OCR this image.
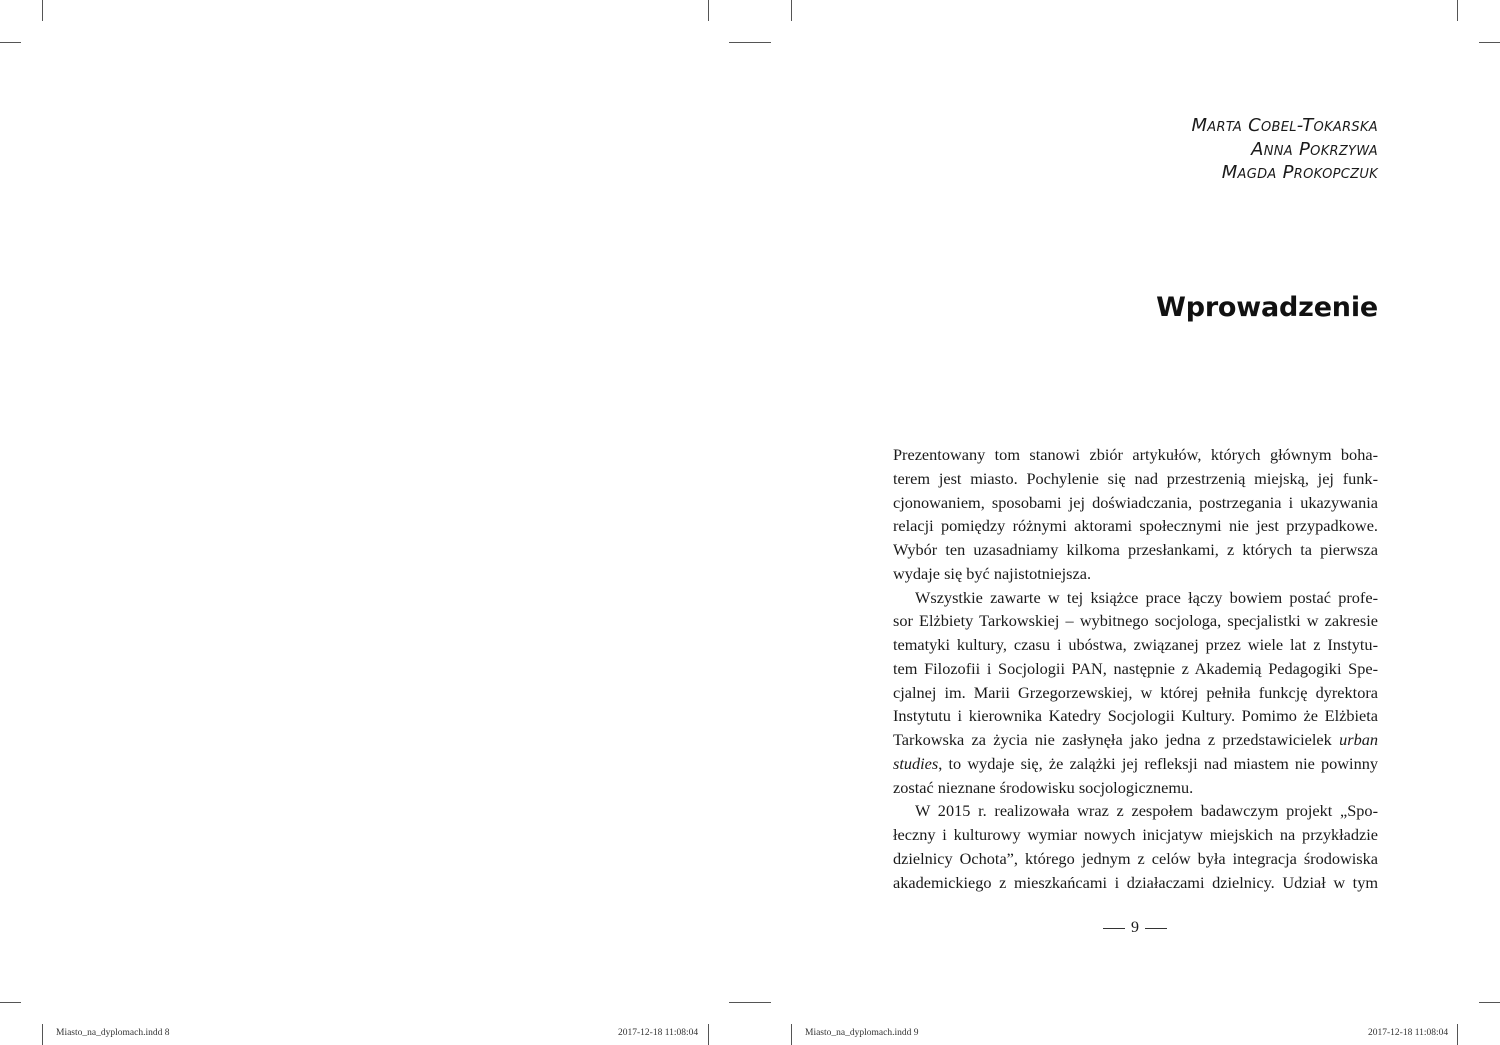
Marta Cobel-Tokarska
Anna Pokrzywa
Magda Prokopczuk
Wprowadzenie
Prezentowany tom stanowi zbiór artykułów, których głównym boha-
terem jest miasto. Pochylenie się nad przestrzenią miejską, jej funk-
cjonowaniem, sposobami jej doświadczania, postrzegania i ukazywania
relacji pomiędzy różnymi aktorami społecznymi nie jest przypadkowe.
Wybór ten uzasadniamy kilkoma przesłankami, z których ta pierwsza
wydaje się być najistotniejsza.
Wszystkie zawarte w tej książce prace łączy bowiem postać profe-
sor Elżbiety Tarkowskiej – wybitnego socjologa, specjalistki w zakresie
tematyki kultury, czasu i ubóstwa, związanej przez wiele lat z Instytu-
tem Filozofii i Socjologii PAN, następnie z Akademią Pedagogiki Spe-
cjalnej im. Marii Grzegorzewskiej, w której pełniła funkcję dyrektora
Instytutu i kierownika Katedry Socjologii Kultury. Pomimo że Elżbieta
Tarkowska za życia nie zasłynęła jako jedna z przedstawicielek urban
studies, to wydaje się, że zalążki jej refleksji nad miastem nie powinny
zostać nieznane środowisku socjologicznemu.
W 2015 r. realizowała wraz z zespołem badawczym projekt „Spo-
łeczny i kulturowy wymiar nowych inicjatyw miejskich na przykładzie
dzielnicy Ochota”, którego jednym z celów była integracja środowiska
akademickiego z mieszkańcami i działaczami dzielnicy. Udział w tym
9
Miasto_na_dyplomach.indd 8	2017-12-18 11:08:04	Miasto_na_dyplomach.indd 9	2017-12-18 11:08:04
